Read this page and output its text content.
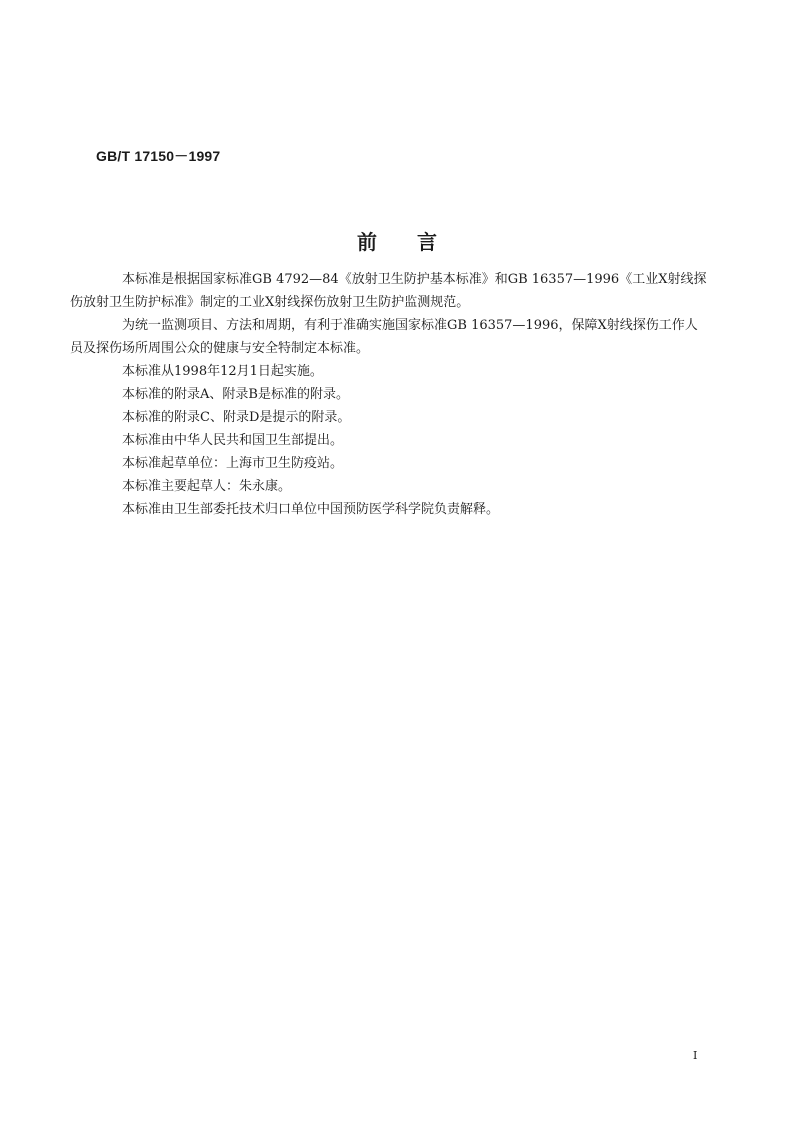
GB/T 17150－1997
前言

本标准是根据国家标准GB 4792—84《放射卫生防护基本标准》和GB 16357—1996《工业X射线探
伤放射卫生防护标准》制定的工业X射线探伤放射卫生防护监测规范。

为统一监测项目、方法和周期，有利于准确实施国家标准GB 16357—1996，保障X射线探伤工作人
员及探伤场所周围公众的健康与安全特制定本标准。

本标准从1998年12月1日起实施。

本标准的附录A、附录B是标准的附录。

本标准的附录C、附录D是提示的附录。

本标准由中华人民共和国卫生部提出。

本标准起草单位：上海市卫生防疫站。

本标准主要起草人：朱永康。

本标准由卫生部委托技术归口单位中国预防医学科学院负责解释。

I
